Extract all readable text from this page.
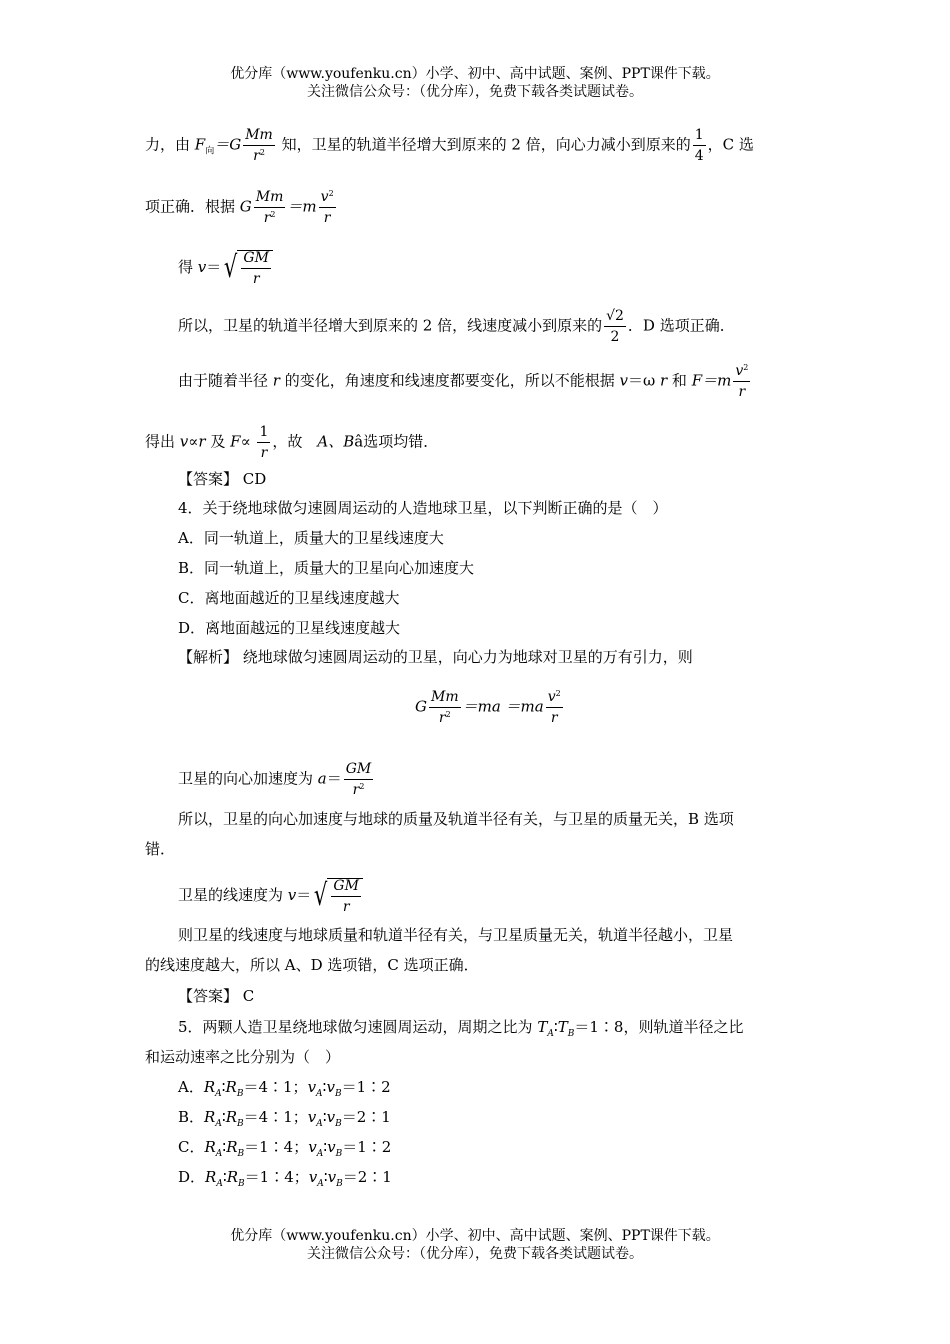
优分库（www.youfenku.cn）小学、初中、高中试题、案例、PPT课件下载。
关注微信公众号：（优分库），免费下载各类试题试卷。
力，由 $F_向=G \frac{Mm}{r^2}$ 知，卫星的轨道半径增大到原来的 2 倍，向心力减小到原来的 $\frac{1}{4}$ ，C 选
项正确．根据 G $\frac{Mm}{r^2} =m \frac{v^2}{r}$
得 $v=√ \frac{GM}{r}$
所以，卫星的轨道半径增大到原来的 2 倍，线速度减小到原来的 $\frac{√2}{2}$ ．D 选项正确．
由于随着半径 r 的变化，角速度和线速度都要变化，所以不能根据 v＝ω r 和 $F=m \frac{v^2}{r}$
得出 v∝r 及 $F\propto \frac{1}{r}$ ，故　A、Bâ选项均错．
【答案】 CD
4．关于绕地球做匀速圆周运动的人造地球卫星，以下判断正确的是（　）
A．同一轨道上，质量大的卫星线速度大
B．同一轨道上，质量大的卫星向心加速度大
C．离地面越近的卫星线速度越大
D．离地面越远的卫星线速度越大
【解析】 绕地球做匀速圆周运动的卫星，向心力为地球对卫星的万有引力，则
G $\frac{Mm}{r^2} =ma =ma \frac{v^2}{r}$
卫星的向心加速度为 $a= \frac{GM}{r^2}$
所以，卫星的向心加速度与地球的质量及轨道半径有关，与卫星的质量无关，B 选项
错．
卫星的线速度为 $v=√ \frac{GM}{r}$
则卫星的线速度与地球质量和轨道半径有关，与卫星质量无关，轨道半径越小，卫星
的线速度越大，所以 A、D 选项错，C 选项正确．
【答案】 C
5．两颗人造卫星绕地球做匀速圆周运动，周期之比为 $T_A∶T_B=1∶8$，则轨道半径之比
和运动速率之比分别为（　）
A．$R_A∶R_B=4∶1$；$v_A∶v_B=1∶2$
B．$R_A∶R_B=4∶1$；$v_A∶v_B=2∶1$
C．$R_A∶R_B=1∶4$；$v_A∶v_B=1∶2$
D．$R_A∶R_B=1∶4$；$v_A∶v_B=2∶1$
优分库（www.youfenku.cn）小学、初中、高中试题、案例、PPT课件下载。
关注微信公众号：（优分库），免费下载各类试题试卷。
